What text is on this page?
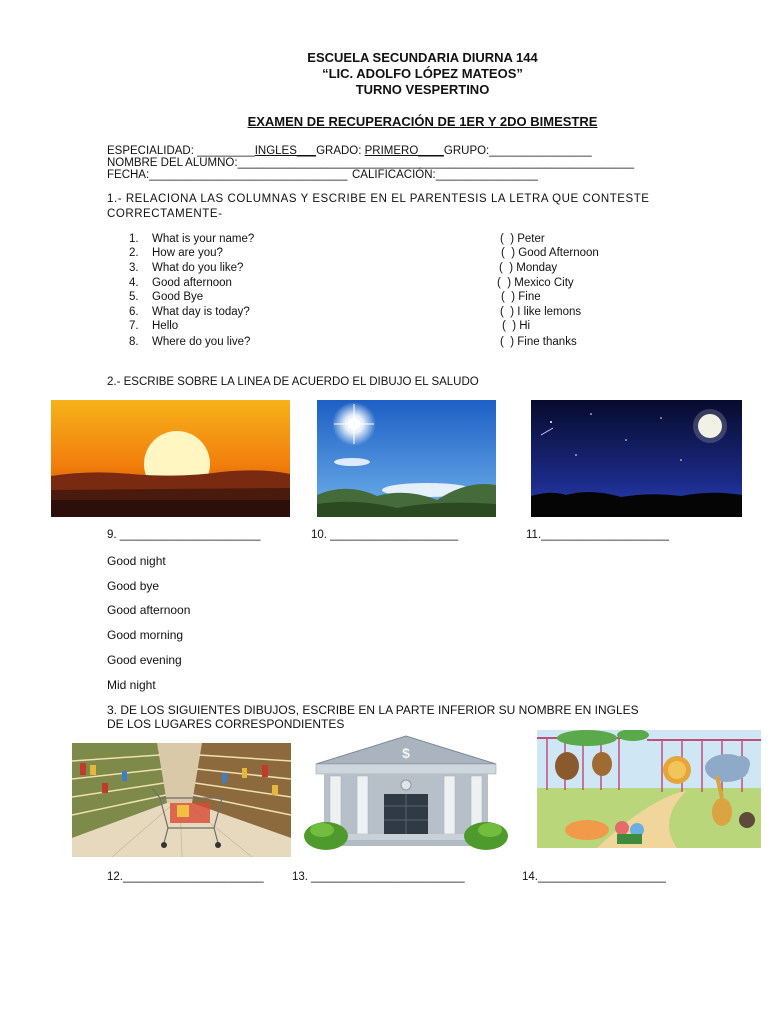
ESCUELA SECUNDARIA DIURNA 144
“LIC. ADOLFO LÓPEZ MATEOS”
TURNO VESPERTINO
EXAMEN DE RECUPERACIÓN DE 1ER Y 2DO BIMESTRE
ESPECIALIDAD: _________INGLES___GRADO: PRIMERO____GRUPO:________________
NOMBRE DEL ALUMNO:______________________________________________________________
FECHA:_______________________________ CALIFICACIÓN:________________
1.- RELACIONA LAS COLUMNAS Y ESCRIBE EN EL PARENTESIS LA LETRA QUE CONTESTE
CORRECTAMENTE-
1. What is your name?	(  ) Peter
2. How are you?	(  ) Good Afternoon
3. What do you like?	(  ) Monday
4. Good afternoon	(  ) Mexico City
5. Good Bye	(  ) Fine
6. What day is today?	(  ) I like lemons
7. Hello	(  ) Hi
8. Where do you live?	(  ) Fine thanks
2.- ESCRIBE SOBRE LA LINEA DE ACUERDO EL DIBUJO EL SALUDO
9. ______________________	10. ____________________	11.____________________
Good night
Good bye
Good afternoon
Good morning
Good evening
Mid night
3. DE LOS SIGUIENTES DIBUJOS, ESCRIBE EN LA PARTE INFERIOR SU NOMBRE EN INGLES
DE LOS LUGARES CORRESPONDIENTES
$
12.______________________ 13. ________________________	14.____________________
